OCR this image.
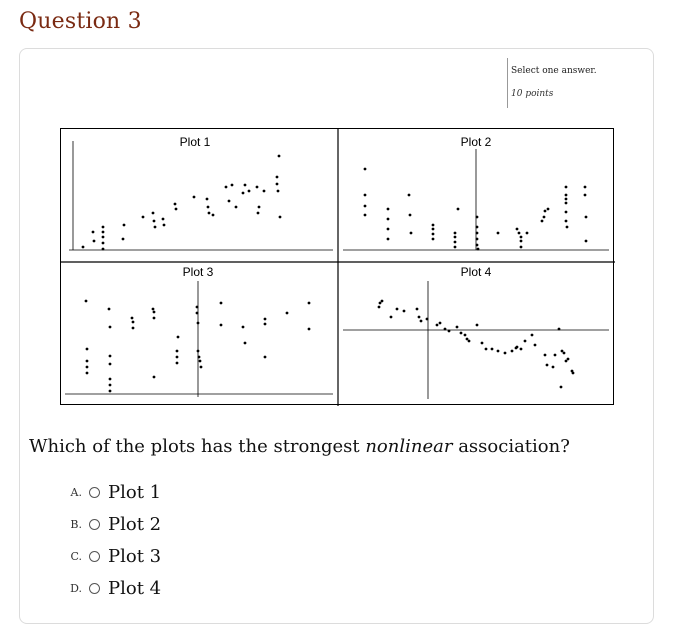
Question 3
Select one answer.
10 points
Plot 1	Plot 2
Plot 3	Plot 4
Which of the plots has the strongest nonlinear association?
A. Plot 1
B. Plot 2
C. Plot 3
D. Plot 4
